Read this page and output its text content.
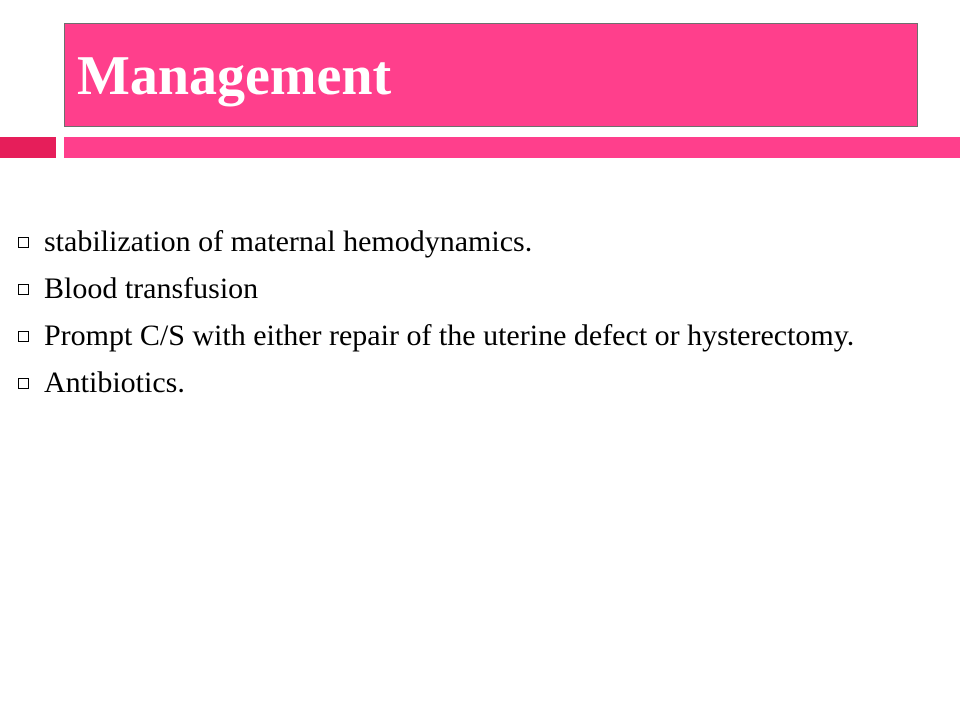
Management
stabilization of maternal hemodynamics.
Blood transfusion
Prompt C/S with either repair of the uterine defect or hysterectomy.
Antibiotics.
